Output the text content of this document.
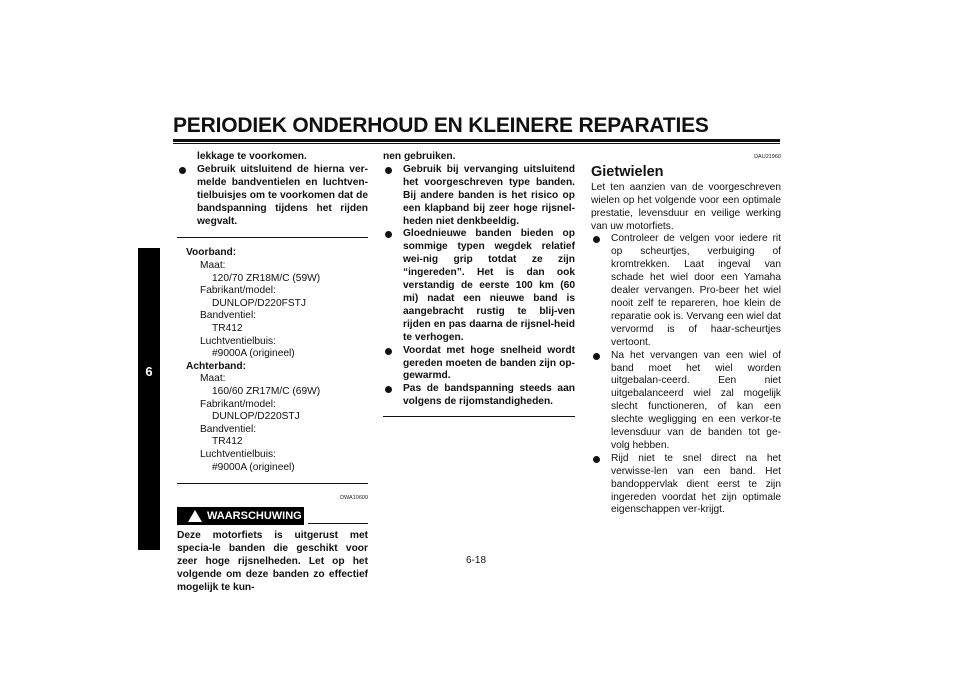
PERIODIEK ONDERHOUD EN KLEINERE REPARATIES
6
lekkage te voorkomen.
Gebruik uitsluitend de hierna ver-melde bandventielen en luchtven-tielbuisjes om te voorkomen dat de bandspanning tijdens het rijden wegvalt.
Voorband:
Maat:
120/70 ZR18M/C (59W)
Fabrikant/model:
DUNLOP/D220FSTJ
Bandventiel:
TR412
Luchtventielbuis:
#9000A (origineel)
Achterband:
Maat:
160/60 ZR17M/C (69W)
Fabrikant/model:
DUNLOP/D220STJ
Bandventiel:
TR412
Luchtventielbuis:
#9000A (origineel)
DWA10600
! WAARSCHUWING
Deze motorfiets is uitgerust met specia-le banden die geschikt voor zeer hoge rijsnelheden. Let op het volgende om deze banden zo effectief mogelijk te kun-
nen gebruiken.
Gebruik bij vervanging uitsluitend het voorgeschreven type banden. Bij andere banden is het risico op een klapband bij zeer hoge rijsnel-heden niet denkbeeldig.
Gloednieuwe banden bieden op sommige typen wegdek relatief wei-nig grip totdat ze zijn “ingereden”. Het is dan ook verstandig de eerste 100 km (60 mi) nadat een nieuwe band is aangebracht rustig te blij-ven rijden en pas daarna de rijsnel-heid te verhogen.
Voordat met hoge snelheid wordt gereden moeten de banden zijn op-gewarmd.
Pas de bandspanning steeds aan volgens de rijomstandigheden.
DAU21960
Gietwielen
Let ten aanzien van de voorgeschreven wielen op het volgende voor een optimale prestatie, levensduur en veilige werking van uw motorfiets.
Controleer de velgen voor iedere rit op scheurtjes, verbuiging of kromtrekken. Laat ingeval van schade het wiel door een Yamaha dealer vervangen. Pro-beer het wiel nooit zelf te repareren, hoe klein de reparatie ook is. Vervang een wiel dat vervormd is of haar-scheurtjes vertoont.
Na het vervangen van een wiel of band moet het wiel worden uitgebalan-ceerd. Een niet uitgebalanceerd wiel zal mogelijk slecht functioneren, of kan een slechte wegligging en een verkor-te levensduur van de banden tot ge-volg hebben.
Rijd niet te snel direct na het verwisse-len van een band. Het bandoppervlak dient eerst te zijn ingereden voordat het zijn optimale eigenschappen ver-krijgt.
6-18
